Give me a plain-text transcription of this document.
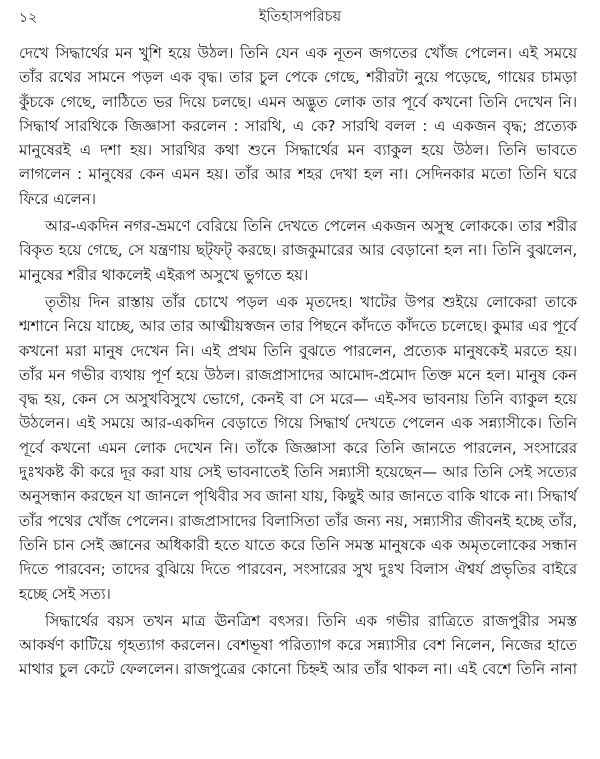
১২	ইতিহাসপরিচয়
দেখে সিদ্ধার্থের মন খুশি হয়ে উঠল। তিনি যেন এক নূতন জগতের খোঁজ পেলেন। এই সময়ে
তাঁর রথের সামনে পড়ল এক বৃদ্ধ। তার চুল পেকে গেছে, শরীরটা নুয়ে পড়েছে, গায়ের চামড়া
কুঁচকে গেছে, লাঠিতে ভর দিয়ে চলছে। এমন অদ্ভুত লোক তার পূর্বে কখনো তিনি দেখেন নি।
সিদ্ধার্থ সারথিকে জিজ্ঞাসা করলেন : সারথি, এ কে? সারথি বলল : এ একজন বৃদ্ধ; প্রত্যেক
মানুষেরই এ দশা হয়। সারথির কথা শুনে সিদ্ধার্থের মন ব্যাকুল হয়ে উঠল। তিনি ভাবতে
লাগলেন : মানুষের কেন এমন হয়। তাঁর আর শহর দেখা হল না। সেদিনকার মতো তিনি ঘরে
ফিরে এলেন।
আর-একদিন নগর-ভ্রমণে বেরিয়ে তিনি দেখতে পেলেন একজন অসুস্থ লোককে। তার শরীর
বিকৃত হয়ে গেছে, সে যন্ত্রণায় ছট্‌ফট্‌ করছে। রাজকুমারের আর বেড়ানো হল না। তিনি বুঝলেন,
মানুষের শরীর থাকলেই এইরূপ অসুখে ভুগতে হয়।
তৃতীয় দিন রাস্তায় তাঁর চোখে পড়ল এক মৃতদেহ। খাটের উপর শুইয়ে লোকেরা তাকে
শ্মশানে নিয়ে যাচ্ছে, আর তার আত্মীয়স্বজন তার পিছনে কাঁদতে কাঁদতে চলেছে। কুমার এর পূর্বে
কখনো মরা মানুষ দেখেন নি। এই প্রথম তিনি বুঝতে পারলেন, প্রত্যেক মানুষকেই মরতে হয়।
তাঁর মন গভীর ব্যথায় পূর্ণ হয়ে উঠল। রাজপ্রাসাদের আমোদ-প্রমোদ তিক্ত মনে হল। মানুষ কেন
বৃদ্ধ হয়, কেন সে অসুখবিসুখে ভোগে, কেনই বা সে মরে— এই-সব ভাবনায় তিনি ব্যাকুল হয়ে
উঠলেন। এই সময়ে আর-একদিন বেড়াতে গিয়ে সিদ্ধার্থ দেখতে পেলেন এক সন্ন্যাসীকে। তিনি
পূর্বে কখনো এমন লোক দেখেন নি। তাঁকে জিজ্ঞাসা করে তিনি জানতে পারলেন, সংসারের
দুঃখকষ্ট কী করে দূর করা যায় সেই ভাবনাতেই তিনি সন্ন্যাসী হয়েছেন— আর তিনি সেই সত্যের
অনুসন্ধান করছেন যা জানলে পৃথিবীর সব জানা যায়, কিছুই আর জানতে বাকি থাকে না। সিদ্ধার্থ
তাঁর পথের খোঁজ পেলেন। রাজপ্রাসাদের বিলাসিতা তাঁর জন্য নয়, সন্ন্যাসীর জীবনই হচ্ছে তাঁর,
তিনি চান সেই জ্ঞানের অধিকারী হতে যাতে করে তিনি সমস্ত মানুষকে এক অমৃতলোকের সন্ধান
দিতে পারবেন; তাদের বুঝিয়ে দিতে পারবেন, সংসারের সুখ দুঃখ বিলাস ঐশ্বর্য প্রভৃতির বাইরে
হচ্ছে সেই সত্য।
সিদ্ধার্থের বয়স তখন মাত্র ঊনত্রিশ বৎসর। তিনি এক গভীর রাত্রিতে রাজপুরীর সমস্ত
আকর্ষণ কাটিয়ে গৃহত্যাগ করলেন। বেশভূষা পরিত্যাগ করে সন্ন্যাসীর বেশ নিলেন, নিজের হাতে
মাথার চুল কেটে ফেললেন। রাজপুত্রের কোনো চিহ্নই আর তাঁর থাকল না। এই বেশে তিনি নানা
